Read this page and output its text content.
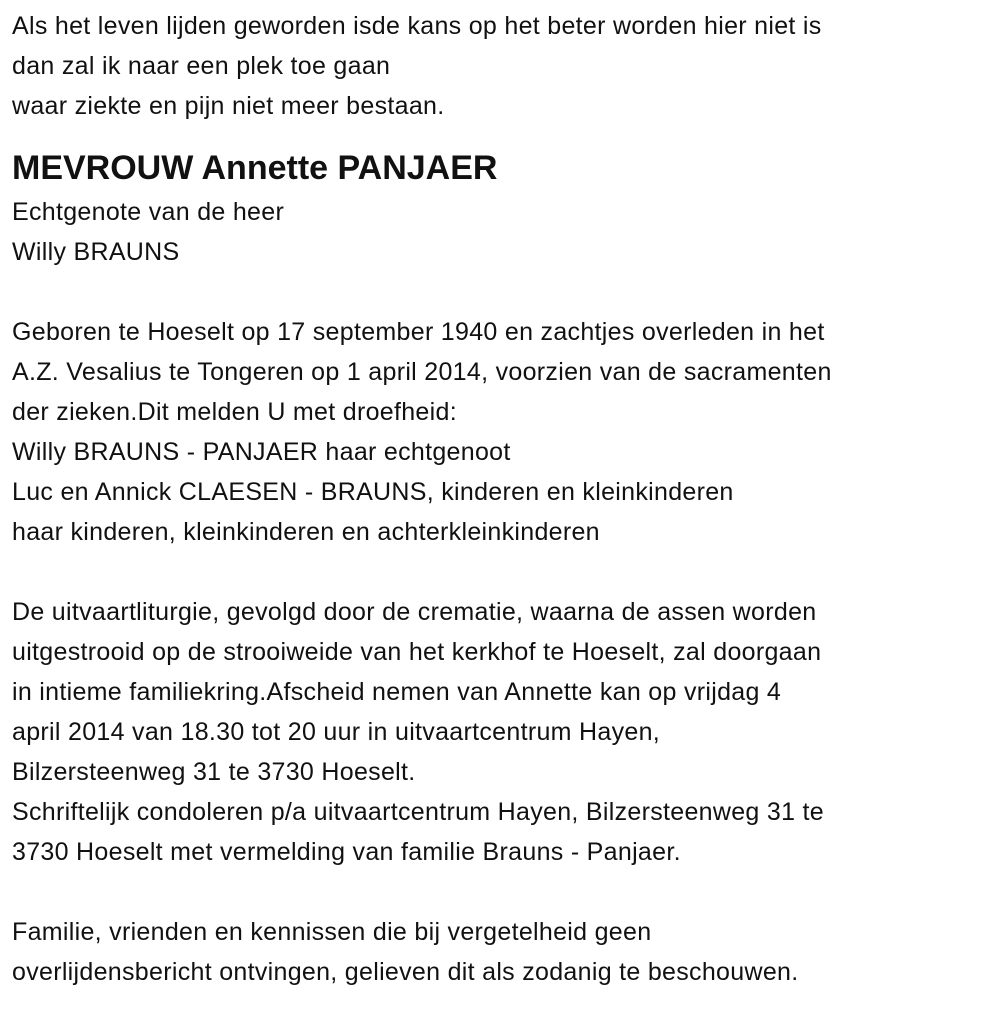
Als het leven lijden geworden isde kans op het beter worden hier niet is
dan zal ik naar een plek toe gaan
waar ziekte en pijn niet meer bestaan.
MEVROUW Annette PANJAER
Echtgenote van de heer
Willy BRAUNS
Geboren te Hoeselt op 17 september 1940 en zachtjes overleden in het
A.Z. Vesalius te Tongeren op 1 april 2014, voorzien van de sacramenten
der zieken.Dit melden U met droefheid:
Willy BRAUNS - PANJAER haar echtgenoot
Luc en Annick CLAESEN - BRAUNS, kinderen en kleinkinderen
haar kinderen, kleinkinderen en achterkleinkinderen
De uitvaartliturgie, gevolgd door de crematie, waarna de assen worden
uitgestrooid op de strooiweide van het kerkhof te Hoeselt, zal doorgaan
in intieme familiekring.Afscheid nemen van Annette kan op vrijdag 4
april 2014 van 18.30 tot 20 uur in uitvaartcentrum Hayen,
Bilzersteenweg 31 te 3730 Hoeselt.
Schriftelijk condoleren p/a uitvaartcentrum Hayen, Bilzersteenweg 31 te
3730 Hoeselt met vermelding van familie Brauns - Panjaer.
Familie, vrienden en kennissen die bij vergetelheid geen
overlijdensbericht ontvingen, gelieven dit als zodanig te beschouwen.
